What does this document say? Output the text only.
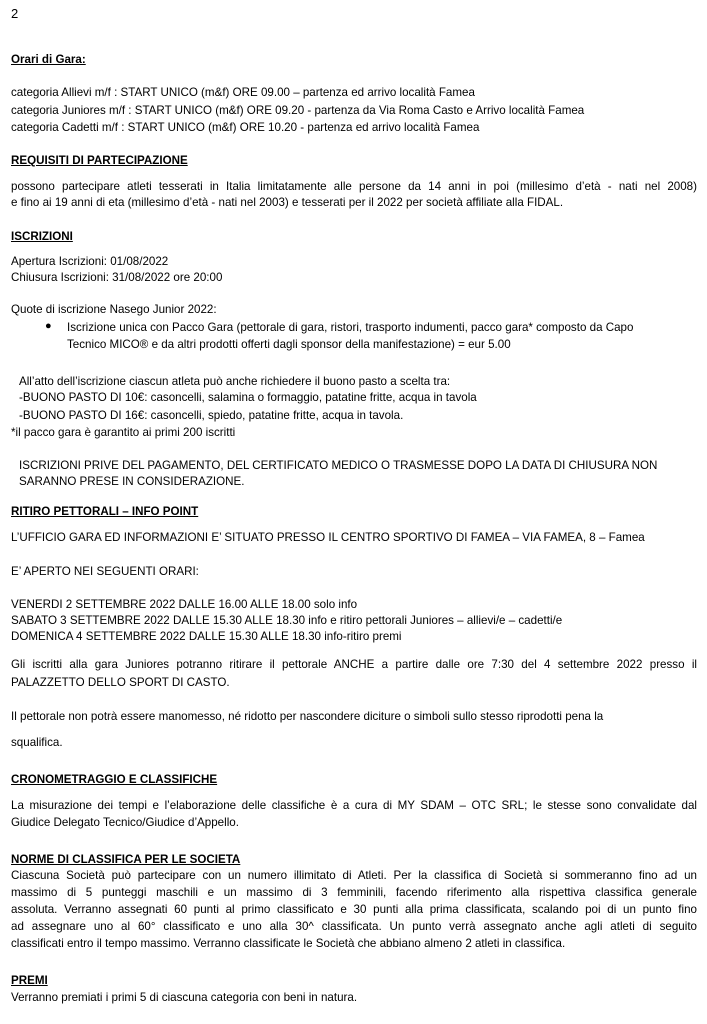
2
Orari di Gara:
categoria Allievi m/f : START UNICO (m&f) ORE 09.00 – partenza ed arrivo località Famea
categoria Juniores m/f : START UNICO (m&f) ORE 09.20 - partenza da Via Roma Casto e Arrivo località Famea
categoria Cadetti m/f : START UNICO (m&f) ORE 10.20 - partenza ed arrivo località Famea
REQUISITI DI PARTECIPAZIONE
possono partecipare atleti tesserati in Italia limitatamente alle persone da 14 anni in poi (millesimo d’età - nati nel 2008)
e fino ai 19 anni di eta (millesimo d’età - nati nel 2003) e tesserati per il 2022 per società affiliate alla FIDAL.
ISCRIZIONI
Apertura Iscrizioni: 01/08/2022
Chiusura Iscrizioni: 31/08/2022 ore 20:00
Quote di iscrizione Nasego Junior 2022:
● Iscrizione unica con Pacco Gara (pettorale di gara, ristori, trasporto indumenti, pacco gara* composto da Capo
Tecnico MICO® e da altri prodotti offerti dagli sponsor della manifestazione) = eur 5.00
All’atto dell’iscrizione ciascun atleta può anche richiedere il buono pasto a scelta tra:
-BUONO PASTO DI 10€: casoncelli, salamina o formaggio, patatine fritte, acqua in tavola
-BUONO PASTO DI 16€: casoncelli, spiedo, patatine fritte, acqua in tavola.
*il pacco gara è garantito ai primi 200 iscritti
ISCRIZIONI PRIVE DEL PAGAMENTO, DEL CERTIFICATO MEDICO O TRASMESSE DOPO LA DATA DI CHIUSURA NON
SARANNO PRESE IN CONSIDERAZIONE.
RITIRO PETTORALI – INFO POINT
L’UFFICIO GARA ED INFORMAZIONI E’ SITUATO PRESSO IL CENTRO SPORTIVO DI FAMEA – VIA FAMEA, 8 – Famea
E’ APERTO NEI SEGUENTI ORARI:
VENERDI 2 SETTEMBRE 2022 DALLE 16.00 ALLE 18.00 solo info
SABATO 3 SETTEMBRE 2022 DALLE 15.30 ALLE 18.30 info e ritiro pettorali Juniores – allievi/e – cadetti/e
DOMENICA 4 SETTEMBRE 2022 DALLE 15.30 ALLE 18.30 info-ritiro premi
Gli iscritti alla gara Juniores potranno ritirare il pettorale ANCHE a partire dalle ore 7:30 del 4 settembre 2022 presso il
PALAZZETTO DELLO SPORT DI CASTO.
Il pettorale non potrà essere manomesso, né ridotto per nascondere diciture o simboli sullo stesso riprodotti pena la
squalifica.
CRONOMETRAGGIO E CLASSIFICHE
La misurazione dei tempi e l’elaborazione delle classifiche è a cura di MY SDAM – OTC SRL; le stesse sono convalidate dal
Giudice Delegato Tecnico/Giudice d’Appello.
NORME DI CLASSIFICA PER LE SOCIETA
Ciascuna Società può partecipare con un numero illimitato di Atleti. Per la classifica di Società si sommeranno fino ad un
massimo di 5 punteggi maschili e un massimo di 3 femminili, facendo riferimento alla rispettiva classifica generale
assoluta. Verranno assegnati 60 punti al primo classificato e 30 punti alla prima classificata, scalando poi di un punto fino
ad assegnare uno al 60° classificato e uno alla 30^ classificata. Un punto verrà assegnato anche agli atleti di seguito
classificati entro il tempo massimo. Verranno classificate le Società che abbiano almeno 2 atleti in classifica.
PREMI
Verranno premiati i primi 5 di ciascuna categoria con beni in natura.
